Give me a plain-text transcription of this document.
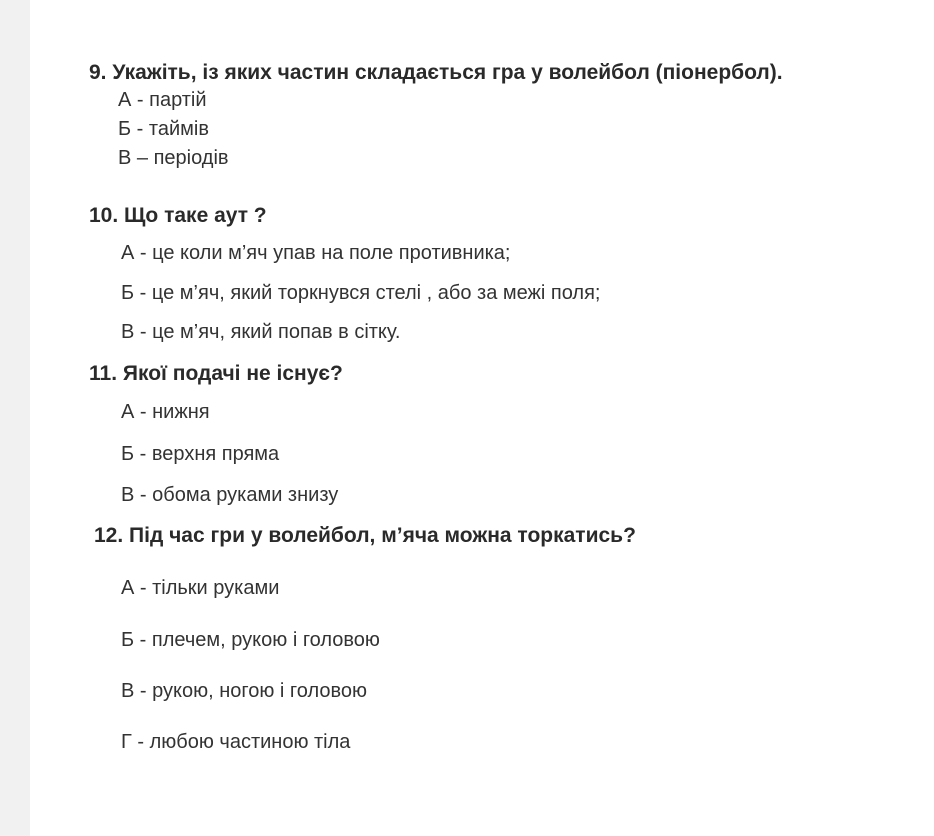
9. Укажіть, із яких частин складається гра у волейбол (піонербол).
А - партій
Б - таймів
В – періодів
10. Що таке аут ?
А - це коли м’яч упав на поле противника;
Б - це м’яч, який торкнувся стелі , або за межі поля;
В - це м’яч, який попав в сітку.
11. Якої подачі не існує?
А - нижня
Б - верхня пряма
В - обома руками знизу
12. Під час гри у волейбол, м’яча можна торкатись?
А - тільки руками
Б - плечем, рукою і головою
В - рукою, ногою і головою
Г - любою частиною тіла
